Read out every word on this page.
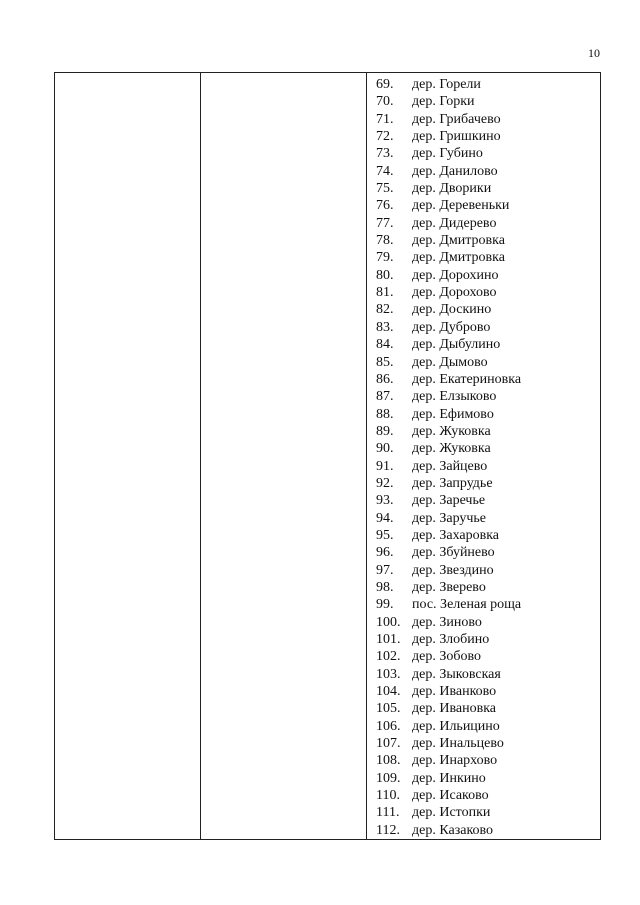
10
69.	дер. Горели
70.	дер. Горки
71.	дер. Грибачево
72.	дер. Гришкино
73.	дер. Губино
74.	дер. Данилово
75.	дер. Дворики
76.	дер. Деревеньки
77.	дер. Дидерево
78.	дер. Дмитровка
79.	дер. Дмитровка
80.	дер. Дорохино
81.	дер. Дорохово
82.	дер. Доскино
83.	дер. Дуброво
84.	дер. Дыбулино
85.	дер. Дымово
86.	дер. Екатериновка
87.	дер. Елзыково
88.	дер. Ефимово
89.	дер. Жуковка
90.	дер. Жуковка
91.	дер. Зайцево
92.	дер. Запрудье
93.	дер. Заречье
94.	дер. Заручье
95.	дер. Захаровка
96.	дер. Збуйнево
97.	дер. Звездино
98.	дер. Зверево
99.	пос. Зеленая роща
100. дер. Зиново
101. дер. Злобино
102. дер. Зобово
103. дер. Зыковская
104. дер. Иванково
105. дер. Ивановка
106. дер. Ильицино
107. дер. Инальцево
108. дер. Инархово
109. дер. Инкино
110. дер. Исаково
111. дер. Истопки
112. дер. Казаково
